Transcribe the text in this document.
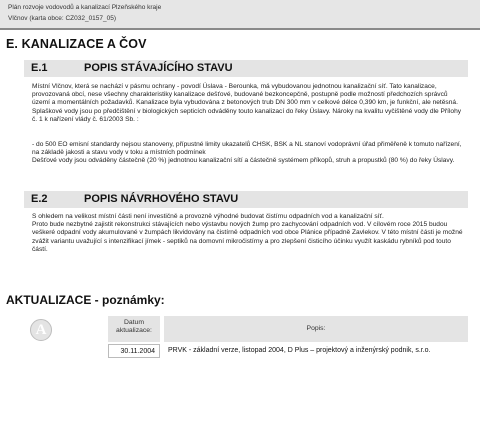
Plán rozvoje vodovodů a kanalizací Plzeňského kraje
Vlčnov (karta obce: CZ032_0157_05)
E. KANALIZACE A ČOV
E.1	POPIS STÁVAJÍCÍHO STAVU

Místní Vlčnov, která se nachází v pásmu ochrany - povodí Úslava - Berounka, má vybudovanou jednotnou kanalizační síť. Tato kanalizace, provozovaná obcí, nese všechny charakteristiky kanalizace dešťové, budované bezkoncepčně, postupně podle možností předchozích správců území a momentálních požadavků. Kanalizace byla vybudována z betonových trub DN 300 mm v celkové délce 0,390 km, je funkční, ale netěsná. Splaškové vody jsou po předčištění v biologických septicích odváděny touto kanalizací do řeky Úslavy. Nároky na kvalitu vyčištěné vody dle Přílohy č. 1 k nařízení vlády č. 61/2003 Sb. :

- do 500 EO emisní standardy nejsou stanoveny, přípustné limity ukazatelů CHSK, BSK a NL stanoví vodoprávní úřad přiměřeně k tomuto nařízení, na základě jakosti a stavu vody v toku a místních podmínek
Dešťové vody jsou odváděny částečně (20 %) jednotnou kanalizační sítí a částečně systémem příkopů, struh a propustků (80 %) do řeky Úslavy.

E.2	POPIS NÁVRHOVÉHO STAVU

S ohledem na velikost místní části není investičně a provozně výhodné budovat čistírnu odpadních vod a kanalizační síť.
Proto bude nezbytné zajistit rekonstrukci stávajících nebo výstavbu nových žump pro zachycování odpadních vod. V cílovém roce 2015 budou veškeré odpadní vody akumulované v žumpách likvidovány na čistírně odpadních vod obce Plánice případně Zavlekov. V této místní části je možné zvážit variantu uvažující s intenzifikací jímek - septiků na domovní mikročistírny a pro zlepšení čisticího účinku využít kaskádu rybníků pod touto částí.

AKTUALIZACE - poznámky:
A	Datum aktualizace:	Popis:
30.11.2004	PRVK - základní verze, listopad 2004, D Plus – projektový a inženýrský podnik, s.r.o.
